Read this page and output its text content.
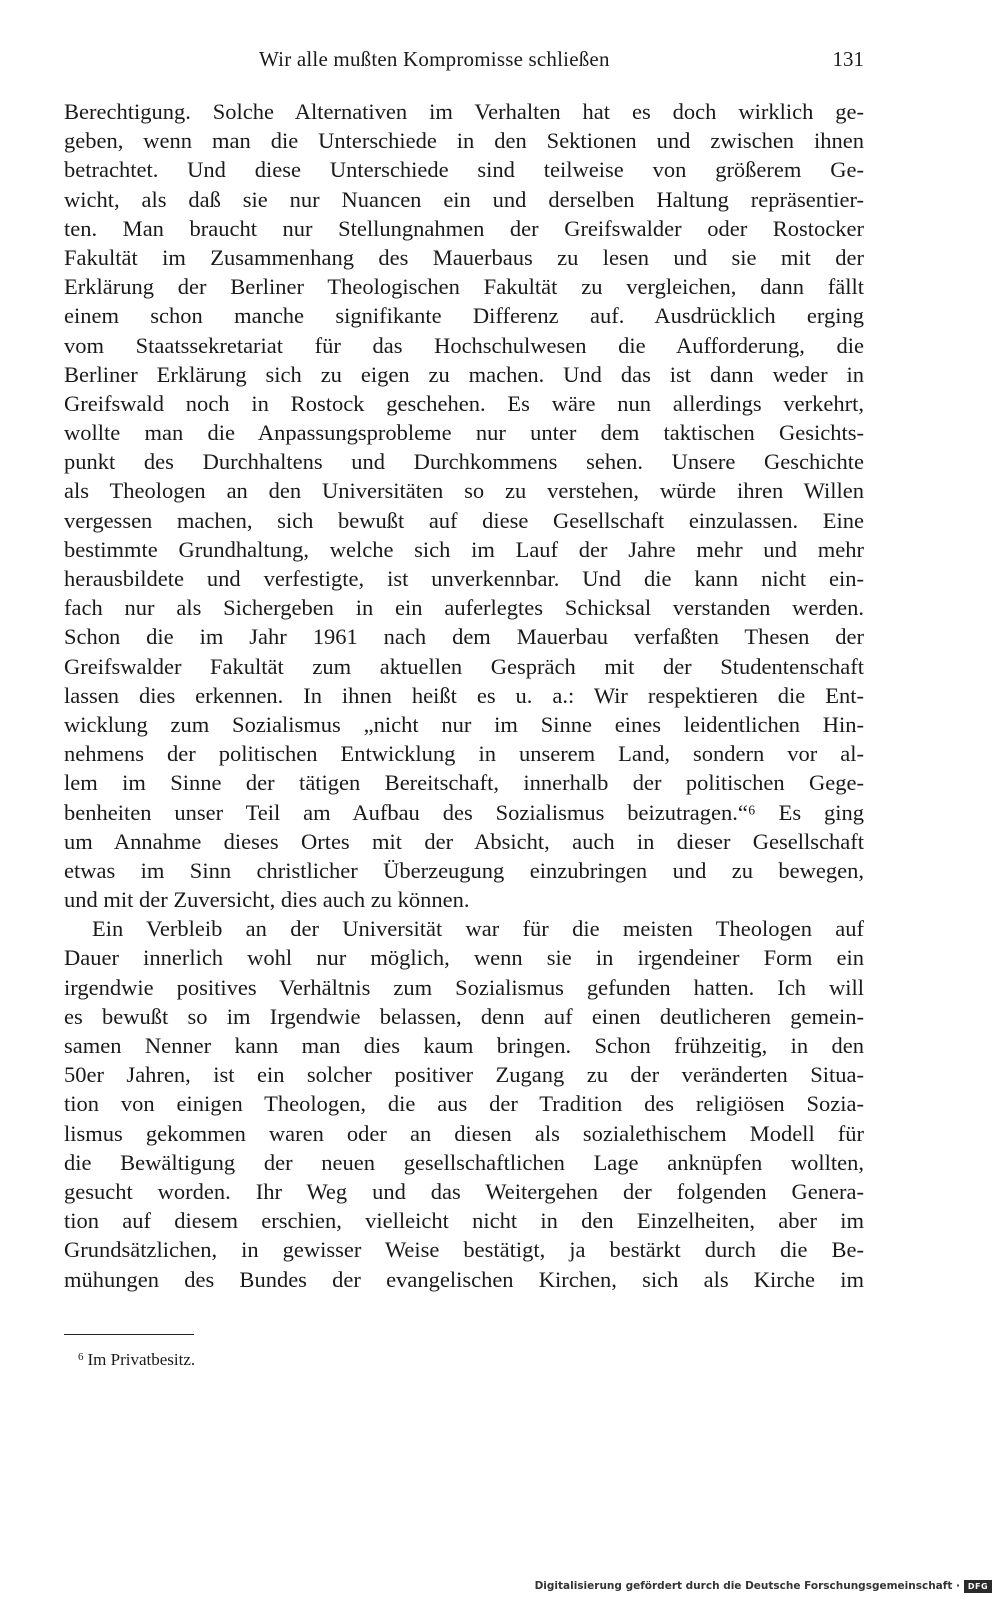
Wir alle mußten Kompromisse schließen	131
Berechtigung. Solche Alternativen im Verhalten hat es doch wirklich ge-
geben, wenn man die Unterschiede in den Sektionen und zwischen ihnen
betrachtet. Und diese Unterschiede sind teilweise von größerem Ge-
wicht, als daß sie nur Nuancen ein und derselben Haltung repräsentier-
ten. Man braucht nur Stellungnahmen der Greifswalder oder Rostocker
Fakultät im Zusammenhang des Mauerbaus zu lesen und sie mit der
Erklärung der Berliner Theologischen Fakultät zu vergleichen, dann fällt
einem schon manche signifikante Differenz auf. Ausdrücklich erging
vom Staatssekretariat für das Hochschulwesen die Aufforderung, die
Berliner Erklärung sich zu eigen zu machen. Und das ist dann weder in
Greifswald noch in Rostock geschehen. Es wäre nun allerdings verkehrt,
wollte man die Anpassungsprobleme nur unter dem taktischen Gesichts-
punkt des Durchhaltens und Durchkommens sehen. Unsere Geschichte
als Theologen an den Universitäten so zu verstehen, würde ihren Willen
vergessen machen, sich bewußt auf diese Gesellschaft einzulassen. Eine
bestimmte Grundhaltung, welche sich im Lauf der Jahre mehr und mehr
herausbildete und verfestigte, ist unverkennbar. Und die kann nicht ein-
fach nur als Sichergeben in ein auferlegtes Schicksal verstanden werden.
Schon die im Jahr 1961 nach dem Mauerbau verfaßten Thesen der
Greifswalder Fakultät zum aktuellen Gespräch mit der Studentenschaft
lassen dies erkennen. In ihnen heißt es u. a.: Wir respektieren die Ent-
wicklung zum Sozialismus „nicht nur im Sinne eines leidentlichen Hin-
nehmens der politischen Entwicklung in unserem Land, sondern vor al-
lem im Sinne der tätigen Bereitschaft, innerhalb der politischen Gege-
benheiten unser Teil am Aufbau des Sozialismus beizutragen.“⁶ Es ging
um Annahme dieses Ortes mit der Absicht, auch in dieser Gesellschaft
etwas im Sinn christlicher Überzeugung einzubringen und zu bewegen,
und mit der Zuversicht, dies auch zu können.
Ein Verbleib an der Universität war für die meisten Theologen auf
Dauer innerlich wohl nur möglich, wenn sie in irgendeiner Form ein
irgendwie positives Verhältnis zum Sozialismus gefunden hatten. Ich will
es bewußt so im Irgendwie belassen, denn auf einen deutlicheren gemein-
samen Nenner kann man dies kaum bringen. Schon frühzeitig, in den
50er Jahren, ist ein solcher positiver Zugang zu der veränderten Situa-
tion von einigen Theologen, die aus der Tradition des religiösen Sozia-
lismus gekommen waren oder an diesen als sozialethischem Modell für
die Bewältigung der neuen gesellschaftlichen Lage anknüpfen wollten,
gesucht worden. Ihr Weg und das Weitergehen der folgenden Genera-
tion auf diesem erschien, vielleicht nicht in den Einzelheiten, aber im
Grundsätzlichen, in gewisser Weise bestätigt, ja bestärkt durch die Be-
mühungen des Bundes der evangelischen Kirchen, sich als Kirche im
$^6$ Im Privatbesitz.
Digitalisierung gefördert durch die Deutsche Forschungsgemeinschaft · DFG
